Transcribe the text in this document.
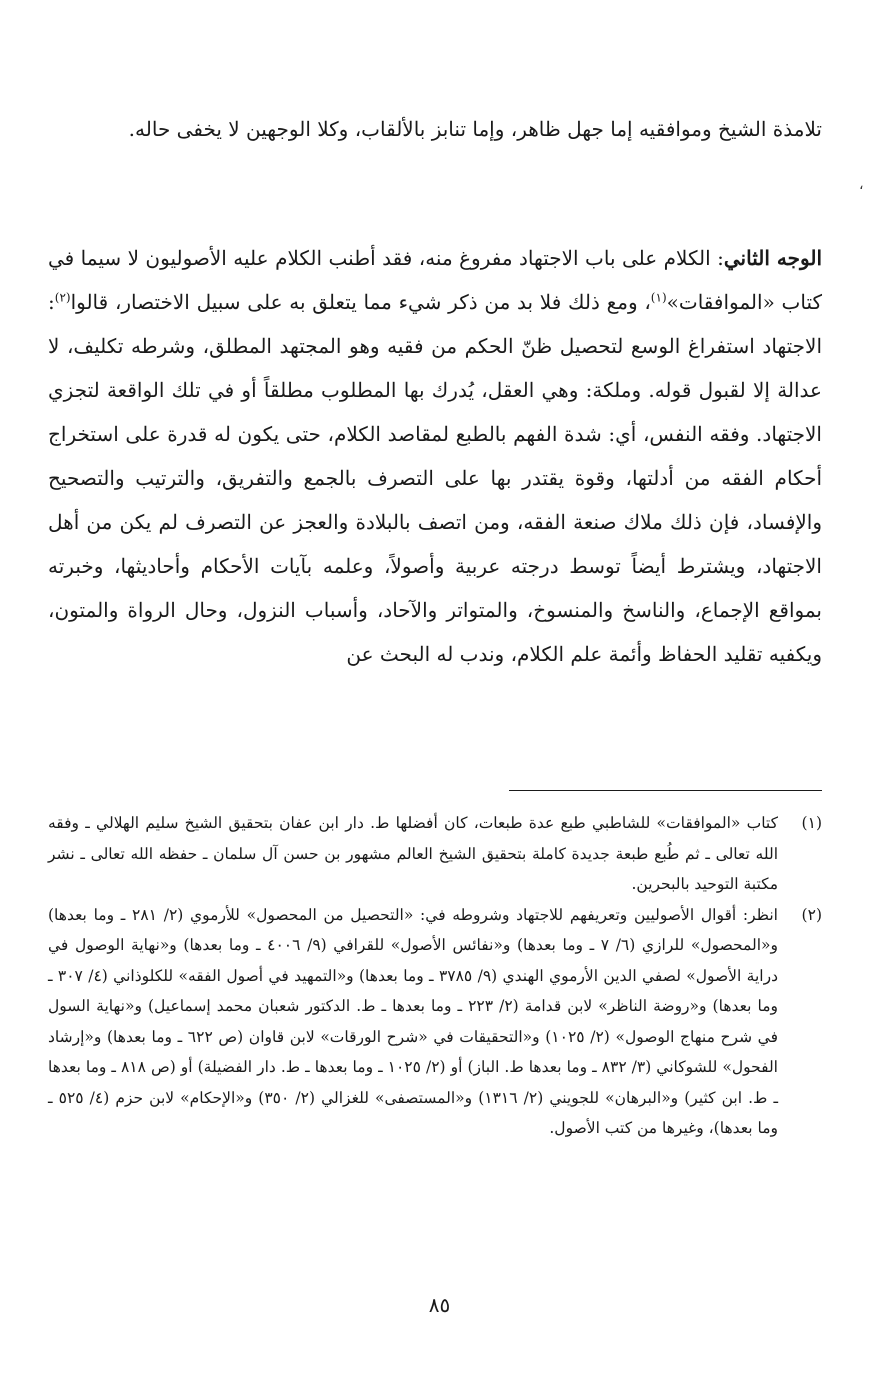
تلامذة الشيخ وموافقيه إما جهل ظاهر، وإما تنابز بالألقاب، وكلا الوجهين لا يخفى حاله.

،

الوجه الثاني: الكلام على باب الاجتهاد مفروغ منه، فقد أطنب الكلام عليه الأصوليون لا سيما في كتاب «الموافقات»$^{(١)}$، ومع ذلك فلا بد من ذكر شيء مما يتعلق به على سبيل الاختصار، قالوا$^{(٢)}$: الاجتهاد استفراغ الوسع لتحصيل ظنّ الحكم من فقيه وهو المجتهد المطلق، وشرطه تكليف، لا عدالة إلا لقبول قوله. وملكة: وهي العقل، يُدرك بها المطلوب مطلقاً أو في تلك الواقعة لتجزي الاجتهاد. وفقه النفس، أي: شدة الفهم بالطبع لمقاصد الكلام، حتى يكون له قدرة على استخراج أحكام الفقه من أدلتها، وقوة يقتدر بها على التصرف بالجمع والتفريق، والترتيب والتصحيح والإفساد، فإن ذلك ملاك صنعة الفقه، ومن اتصف بالبلادة والعجز عن التصرف لم يكن من أهل الاجتهاد، ويشترط أيضاً توسط درجته عربية وأصولاً، وعلمه بآيات الأحكام وأحاديثها، وخبرته بمواقع الإجماع، والناسخ والمنسوخ، والمتواتر والآحاد، وأسباب النزول، وحال الرواة والمتون، ويكفيه تقليد الحفاظ وأئمة علم الكلام، وندب له البحث عن

(١)
كتاب «الموافقات» للشاطبي طبع عدة طبعات، كان أفضلها ط. دار ابن عفان بتحقيق الشيخ سليم الهلالي ـ وفقه الله تعالى ـ ثم طُبع طبعة جديدة كاملة بتحقيق الشيخ العالم مشهور بن حسن آل سلمان ـ حفظه الله تعالى ـ نشر مكتبة التوحيد بالبحرين.
(٢)
انظر: أقوال الأصوليين وتعريفهم للاجتهاد وشروطه في: «التحصيل من المحصول» للأرموي (٢/ ٢٨١ ـ وما بعدها) و«المحصول» للرازي (٦/ ٧ ـ وما بعدها) و«نفائس الأصول» للقرافي (٩/ ٤٠٠٦ ـ وما بعدها) و«نهاية الوصول في دراية الأصول» لصفي الدين الأرموي الهندي (٩/ ٣٧٨٥ ـ وما بعدها) و«التمهيد في أصول الفقه» للكلوذاني (٤/ ٣٠٧ ـ وما بعدها) و«روضة الناظر» لابن قدامة (٢/ ٢٢٣ ـ وما بعدها ـ ط. الدكتور شعبان محمد إسماعيل) و«نهاية السول في شرح منهاج الوصول» (٢/ ١٠٢٥) و«التحقيقات في «شرح الورقات» لابن قاوان (ص ٦٢٢ ـ وما بعدها) و«إرشاد الفحول» للشوكاني (٣/ ٨٣٢ ـ وما بعدها ط. الباز) أو (٢/ ١٠٢٥ ـ وما بعدها ـ ط. دار الفضيلة) أو (ص ٨١٨ ـ وما بعدها ـ ط. ابن كثير) و«البرهان» للجويني (٢/ ١٣١٦) و«المستصفى» للغزالي (٢/ ٣٥٠) و«الإحكام» لابن حزم (٤/ ٥٢٥ ـ وما بعدها)، وغيرها من كتب الأصول.
٨٥
